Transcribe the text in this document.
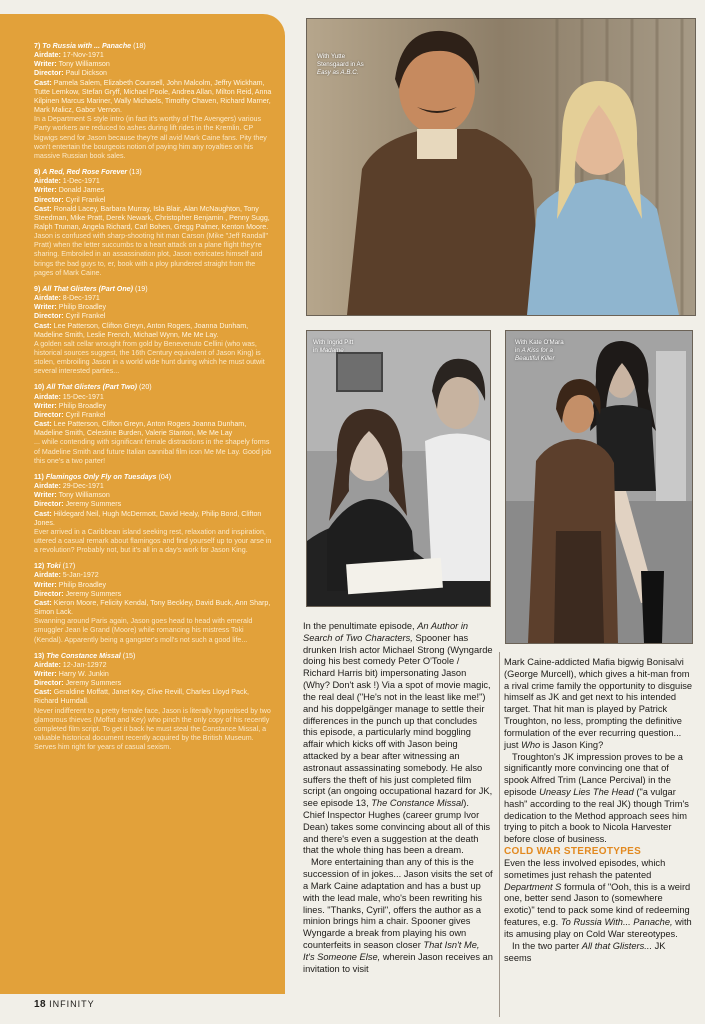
7) To Russia with ... Panache (18)
Airdate: 17-Nov-1971
Writer: Tony Williamson
Director: Paul Dickson
Cast: Pamela Salem, Elizabeth Counsell, John Malcolm, Jeffry Wickham, Tutte Lemkow, Stefan Gryff, Michael Poole, Andrea Allan, Milton Reid, Anna Kilpinen Marcus Mariner, Wally Michaels, Timothy Chaven, Richard Marner, Mark Malicz, Gabor Vernon.
In a Department S style intro (in fact it's worthy of The Avengers) various Party workers are reduced to ashes during lift rides in the Kremlin. CP bigwigs send for Jason because they're all avid Mark Caine fans. Pity they won't entertain the bourgeois notion of paying him any royalties on his massive Russian book sales.
8) A Red, Red Rose Forever (13)
Airdate: 1-Dec-1971
Writer: Donald James
Director: Cyril Frankel
Cast: Ronald Lacey, Barbara Murray, Isla Blair, Alan McNaughton, Tony Steedman, Mike Pratt, Derek Newark, Christopher Benjamin , Penny Sugg, Ralph Truman, Angela Richard, Carl Bohen, Gregg Palmer, Kenton Moore.
Jason is confused with sharp-shooting hit man Carson (Mike "Jeff Randall" Pratt) when the letter succumbs to a heart attack on a plane flight they're sharing. Embroiled in an assassination plot, Jason extricates himself and brings the bad guys to, er, book with a ploy plundered straight from the pages of Mark Caine.
9) All That Glisters (Part One) (19)
Airdate: 8-Dec-1971
Writer: Philip Broadley
Director: Cyril Frankel
Cast: Lee Patterson, Clifton Greyn, Anton Rogers, Joanna Dunham, Madeline Smith, Leslie French, Michael Wynn, Me Me Lay.
A golden salt cellar wrought from gold by Benevenuto Cellini (who was, historical sources suggest, the 16th Century equivalent of Jason King) is stolen, embroiling Jason in a world wide hunt during which he must outwit several interested parties...
10) All That Glisters (Part Two) (20)
Airdate: 15-Dec-1971
Writer: Philip Broadley
Director: Cyril Frankel
Cast: Lee Patterson, Clifton Greyn, Anton Rogers Joanna Dunham, Madeline Smith, Celestine Burden, Valerie Stanton, Me Me Lay
... while contending with significant female distractions in the shapely forms of Madeline Smith and future Italian cannibal film icon Me Me Lay. Good job this one's a two parter!
11) Flamingos Only Fly on Tuesdays (04)
Airdate: 29-Dec-1971
Writer: Tony Williamson
Director: Jeremy Summers
Cast: Hildegard Neil, Hugh McDermott, David Healy, Philip Bond, Clifton Jones.
Ever arrived in a Caribbean island seeking rest, relaxation and inspiration, uttered a casual remark about flamingos and find yourself up to your arse in a revolution? Probably not, but it's all in a day's work for Jason King.
12) Toki (17)
Airdate: 5-Jan-1972
Writer: Philip Broadley
Director: Jeremy Summers
Cast: Kieron Moore, Felicity Kendal, Tony Beckley, David Buck, Ann Sharp, Simon Lack.
Swanning around Paris again, Jason goes head to head with emerald smuggler Jean le Grand (Moore) while romancing his mistress Toki (Kendal). Apparently being a gangster's moll's not such a good life...
13) The Constance Missal (15)
Airdate: 12-Jan-12972
Writer: Harry W. Junkin
Director: Jeremy Summers
Cast: Geraldine Moffatt, Janet Key, Clive Revill, Charles Lloyd Pack, Richard Hurndall.
Never indifferent to a pretty female face, Jason is literally hypnotised by two glamorous thieves (Moffat and Key) who pinch the only copy of his recently completed film script. To get it back he must steal the Constance Missal, a valuable historical document recently acquired by the British Museum. Serves him right for years of casual sexism.
18 INFINITY
With Yutte
Stensgaard in As
Easy as A.B.C.
With Ingrid Pitt
in Madame
With Kate O'Mara
in A Kiss for a
Beautiful Killer

In the penultimate episode, An Author in Search of Two Characters, Spooner has drunken Irish actor Michael Strong (Wyngarde doing his best comedy Peter O'Toole / Richard Harris bit) impersonating Jason (Why? Don't ask !) Via a spot of movie magic, the real deal ("He's not in the least like me!") and his doppelgänger manage to settle their differences in the punch up that concludes this episode, a particularly mind boggling affair which kicks off with Jason being attacked by a bear after witnessing an astronaut assassinating somebody. He also suffers the theft of his just completed film script (an ongoing occupational hazard for JK, see episode 13, The Constance Missal). Chief Inspector Hughes (career grump Ivor Dean) takes some convincing about all of this and there's even a suggestion at the death that the whole thing has been a dream.

More entertaining than any of this is the succession of in jokes... Jason visits the set of a Mark Caine adaptation and has a bust up with the lead male, who's been rewriting his lines. "Thanks, Cyril", offers the author as a minion brings him a chair. Spooner gives Wyngarde a break from playing his own counterfeits in season closer That Isn't Me, It's Someone Else, wherein Jason receives an invitation to visit

Mark Caine-addicted Mafia bigwig Bonisalvi (George Murcell), which gives a hit-man from a rival crime family the opportunity to disguise himself as JK and get next to his intended target. That hit man is played by Patrick Troughton, no less, prompting the definitive formulation of the ever recurring question... just Who is Jason King?

Troughton's JK impression proves to be a significantly more convincing one that of spook Alfred Trim (Lance Percival) in the episode Uneasy Lies The Head ("a vulgar hash" according to the real JK) though Trim's dedication to the Method approach sees him trying to pitch a book to Nicola Harvester before close of business.

COLD WAR STEREOTYPES

Even the less involved episodes, which sometimes just rehash the patented Department S formula of "Ooh, this is a weird one, better send Jason to (somewhere exotic)" tend to pack some kind of redeeming features, e.g. To Russia With... Panache, with its amusing play on Cold War stereotypes.

In the two parter All that Glisters... JK seems
